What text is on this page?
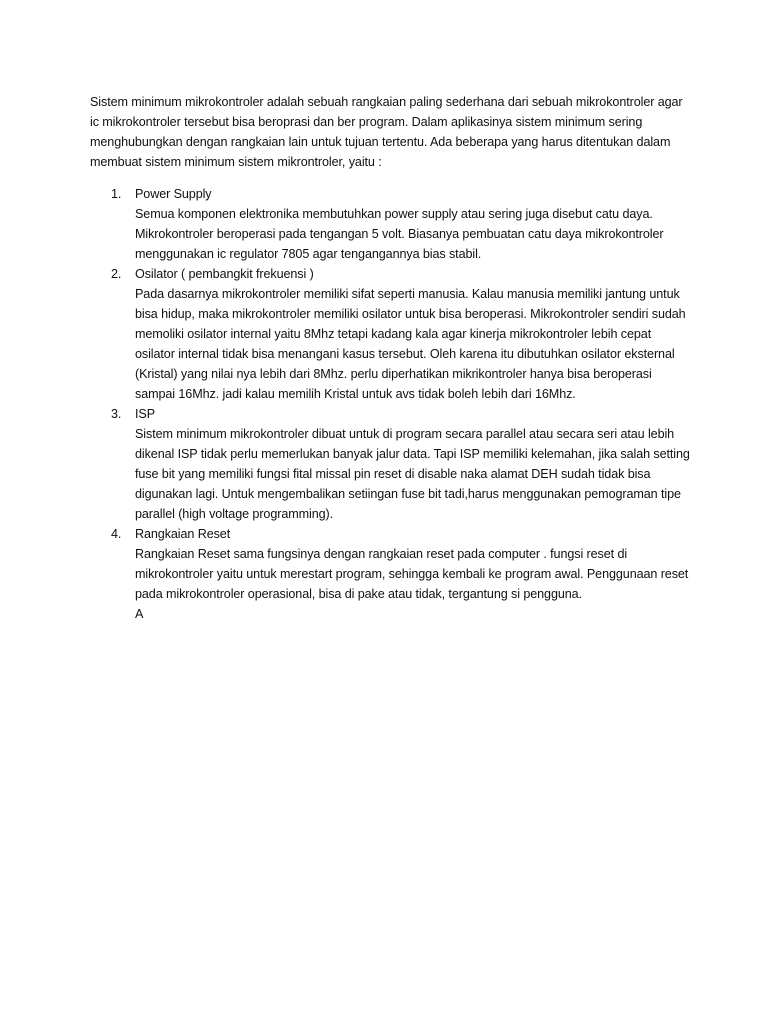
Sistem minimum mikrokontroler adalah sebuah rangkaian paling sederhana dari sebuah mikrokontroler agar ic mikrokontroler tersebut bisa beroprasi dan ber program. Dalam aplikasinya sistem minimum sering menghubungkan dengan rangkaian lain untuk tujuan tertentu. Ada beberapa yang harus ditentukan dalam membuat sistem minimum sistem mikrontroler, yaitu :

1. Power Supply
Semua komponen elektronika membutuhkan power supply atau sering juga disebut catu daya. Mikrokontroler beroperasi pada tengangan 5 volt. Biasanya pembuatan catu daya mikrokontroler menggunakan ic regulator 7805 agar tengangannya bias stabil.
2. Osilator ( pembangkit frekuensi )
Pada dasarnya mikrokontroler memiliki sifat seperti manusia. Kalau manusia memiliki jantung untuk bisa hidup, maka mikrokontroler memiliki osilator untuk bisa beroperasi. Mikrokontroler sendiri sudah memoliki osilator internal yaitu 8Mhz tetapi kadang kala agar kinerja mikrokontroler lebih cepat osilator internal tidak bisa menangani kasus tersebut. Oleh karena itu dibutuhkan osilator eksternal (Kristal) yang nilai nya lebih dari 8Mhz. perlu diperhatikan mikrikontroler hanya bisa beroperasi sampai 16Mhz. jadi kalau memilih Kristal untuk avs tidak boleh lebih dari 16Mhz.
3. ISP
Sistem minimum mikrokontroler dibuat untuk di program secara parallel atau secara seri atau lebih dikenal ISP tidak perlu memerlukan banyak jalur data. Tapi ISP memiliki kelemahan, jika salah setting fuse bit yang memiliki fungsi fital missal pin reset di disable naka alamat DEH sudah tidak bisa digunakan lagi. Untuk mengembalikan setiingan fuse bit tadi,harus menggunakan pemograman tipe parallel (high voltage programming).
4. Rangkaian Reset
Rangkaian Reset sama fungsinya dengan rangkaian reset pada computer . fungsi reset di mikrokontroler yaitu untuk merestart program, sehingga kembali ke program awal. Penggunaan reset pada mikrokontroler operasional, bisa di pake atau tidak, tergantung si pengguna.
A
